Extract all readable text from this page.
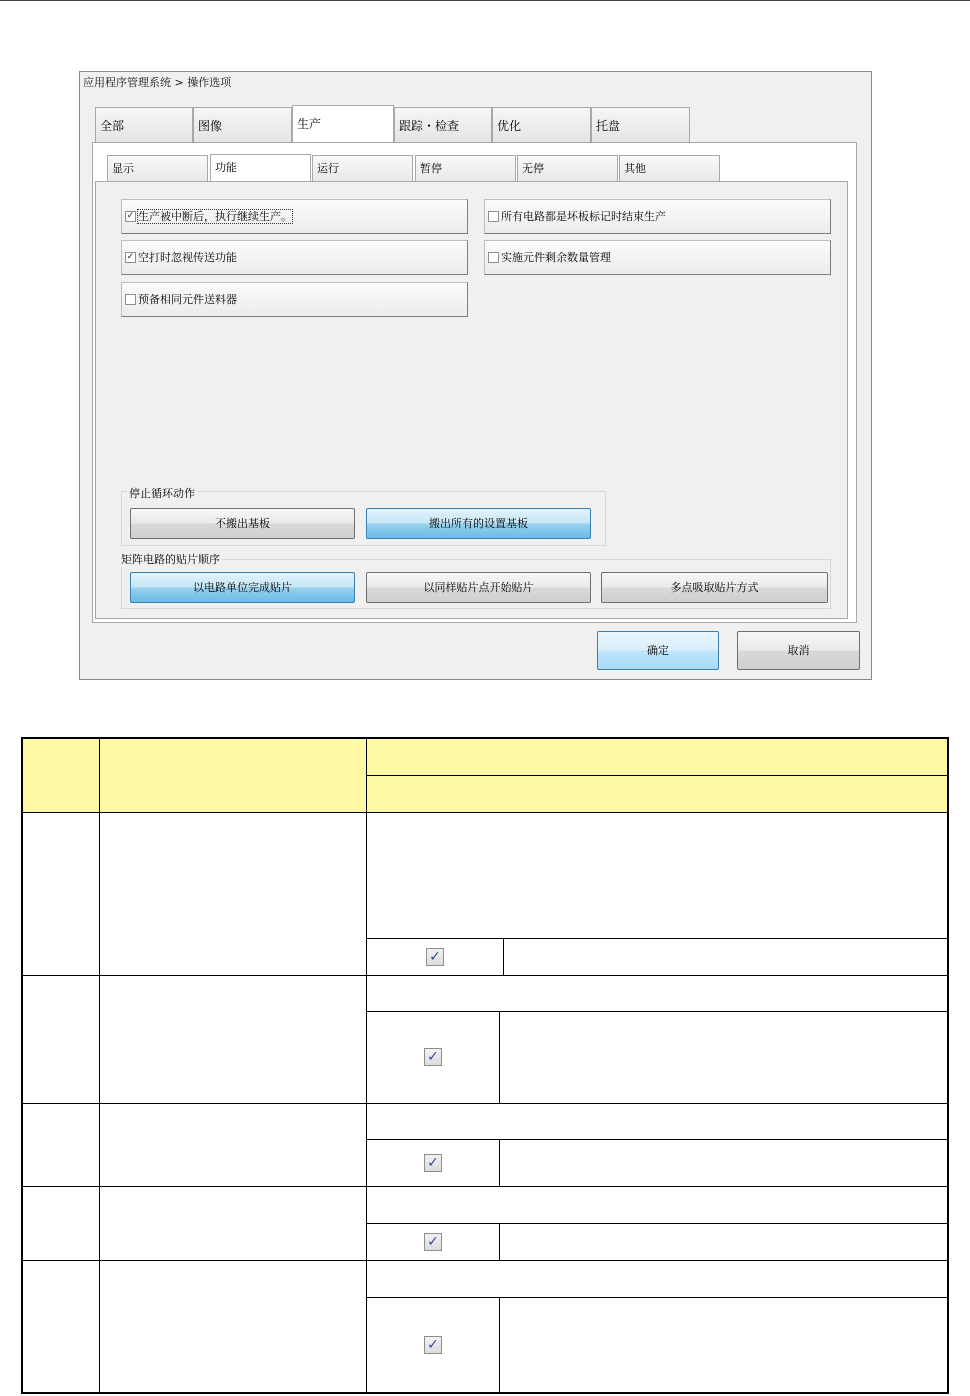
应用程序管理系统 > 操作选项
全部	图像	生产	跟踪・检查	优化	托盘
显示	功能	运行	暂停	无停	其他
✓ 生产被中断后，执行继续生产。	所有电路都是坏板标记时结束生产
✓ 空打时忽视传送功能	实施元件剩余数量管理
预备相同元件送料器
停止循环动作
不搬出基板	搬出所有的设置基板
矩阵电路的贴片顺序
以电路单位完成贴片	以同样贴片点开始贴片	多点吸取贴片方式
确定	取消
✓
✓
✓
✓
✓
